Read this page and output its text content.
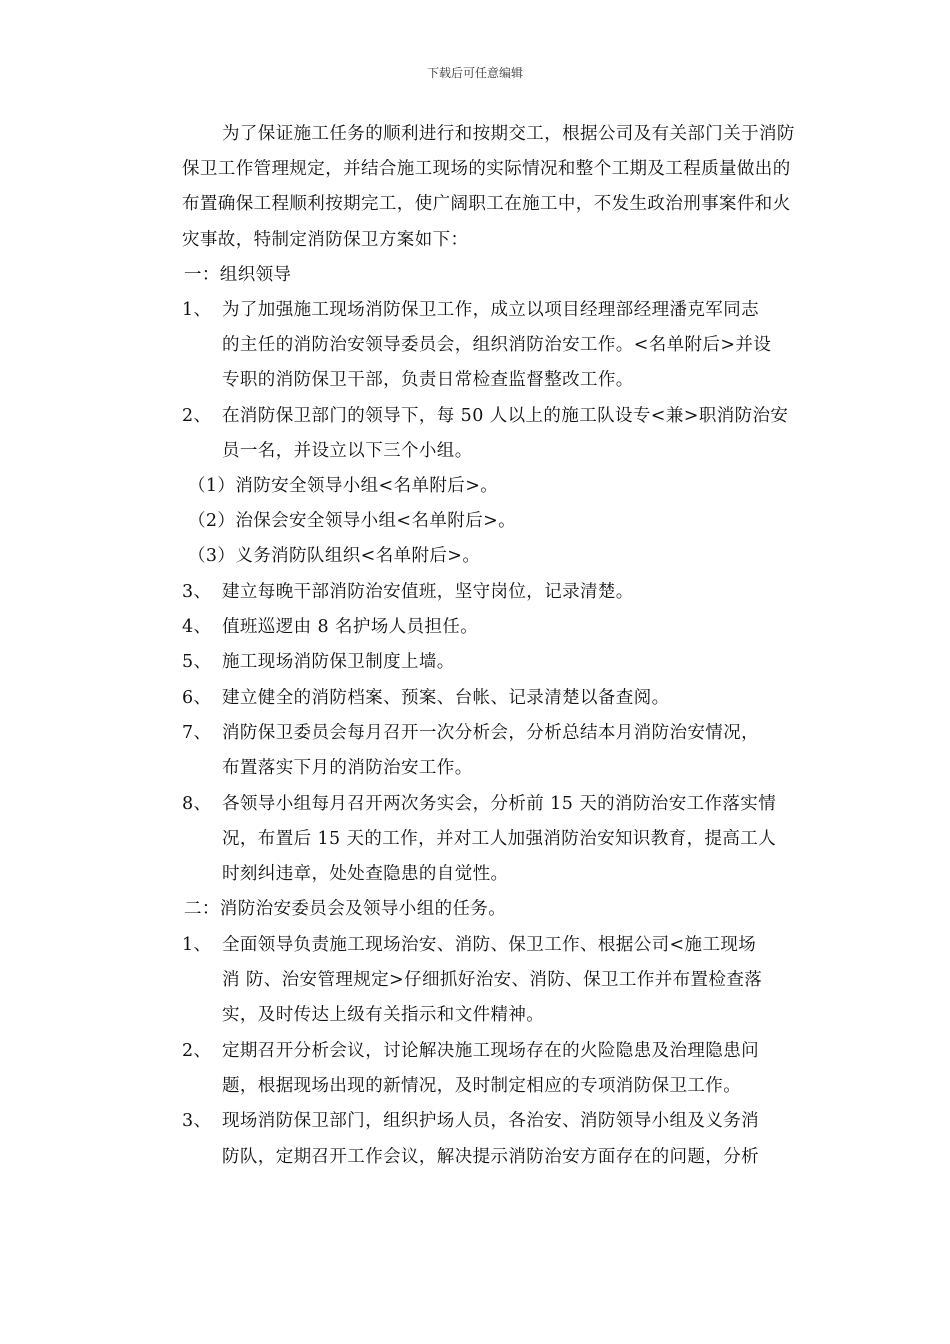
下载后可任意编辑
为了保证施工任务的顺利进行和按期交工，根据公司及有关部门关于消防
保卫工作管理规定，并结合施工现场的实际情况和整个工期及工程质量做出的
布置确保工程顺利按期完工，使广阔职工在施工中，不发生政治刑事案件和火
灾事故，特制定消防保卫方案如下：
一：组织领导
1、 为了加强施工现场消防保卫工作，成立以项目经理部经理潘克军同志
的主任的消防治安领导委员会，组织消防治安工作。<名单附后>并设
专职的消防保卫干部，负责日常检查监督整改工作。
2、 在消防保卫部门的领导下，每 50 人以上的施工队设专<兼>职消防治安
员一名，并设立以下三个小组。
（1）消防安全领导小组<名单附后>。
（2）治保会安全领导小组<名单附后>。
（3）义务消防队组织<名单附后>。
3、 建立每晚干部消防治安值班，坚守岗位，记录清楚。
4、 值班巡逻由 8 名护场人员担任。
5、 施工现场消防保卫制度上墙。
6、 建立健全的消防档案、预案、台帐、记录清楚以备查阅。
7、 消防保卫委员会每月召开一次分析会，分析总结本月消防治安情况，
布置落实下月的消防治安工作。
8、 各领导小组每月召开两次务实会，分析前 15 天的消防治安工作落实情
况，布置后 15 天的工作，并对工人加强消防治安知识教育，提高工人
时刻纠违章，处处查隐患的自觉性。
二：消防治安委员会及领导小组的任务。
1、 全面领导负责施工现场治安、消防、保卫工作、根据公司<施工现场
消 防、治安管理规定>仔细抓好治安、消防、保卫工作并布置检查落
实，及时传达上级有关指示和文件精神。
2、 定期召开分析会议，讨论解决施工现场存在的火险隐患及治理隐患问
题，根据现场出现的新情况，及时制定相应的专项消防保卫工作。
3、 现场消防保卫部门，组织护场人员，各治安、消防领导小组及义务消
防队，定期召开工作会议，解决提示消防治安方面存在的问题，分析
